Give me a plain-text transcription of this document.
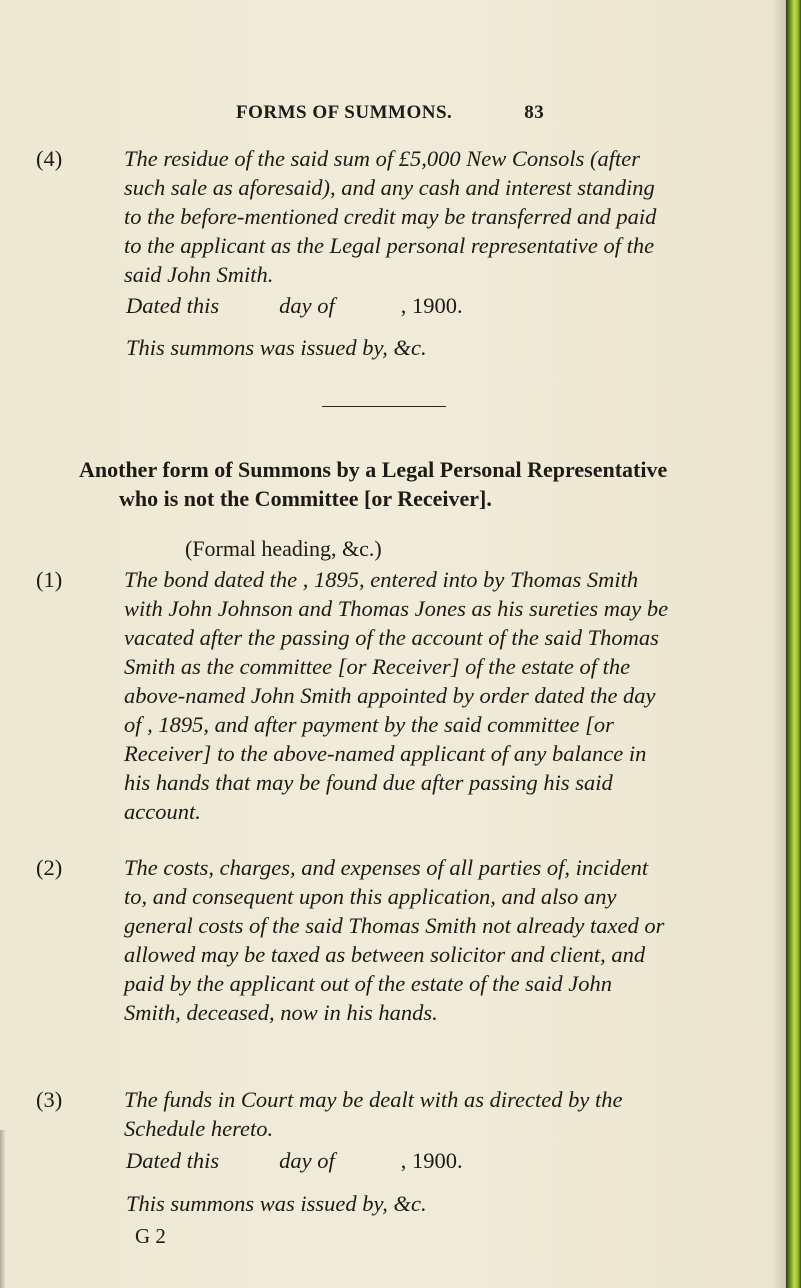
FORMS OF SUMMONS.	83

(4)	The residue of the said sum of £5,000 New Consols (after such sale as aforesaid), and any cash and interest standing to the before-mentioned credit may be transferred and paid to the applicant as the Legal personal representative of the said John Smith.

Dated this	day of	, 1900.
This summons was issued by, &c.
Another form of Summons by a Legal Personal Representative
who is not the Committee [or Receiver].
(Formal heading, &c.)

(1)	The bond dated the , 1895, entered into by Thomas Smith with John Johnson and Thomas Jones as his sureties may be vacated after the passing of the account of the said Thomas Smith as the committee [or Receiver] of the estate of the above-named John Smith appointed by order dated the day of , 1895, and after payment by the said committee [or Receiver] to the above-named applicant of any balance in his hands that may be found due after passing his said account.

(2)	The costs, charges, and expenses of all parties of, incident to, and consequent upon this application, and also any general costs of the said Thomas Smith not already taxed or allowed may be taxed as between solicitor and client, and paid by the applicant out of the estate of the said John Smith, deceased, now in his hands.

(3)	The funds in Court may be dealt with as directed by the Schedule hereto.

Dated this	day of	, 1900.
This summons was issued by, &c.
G 2
